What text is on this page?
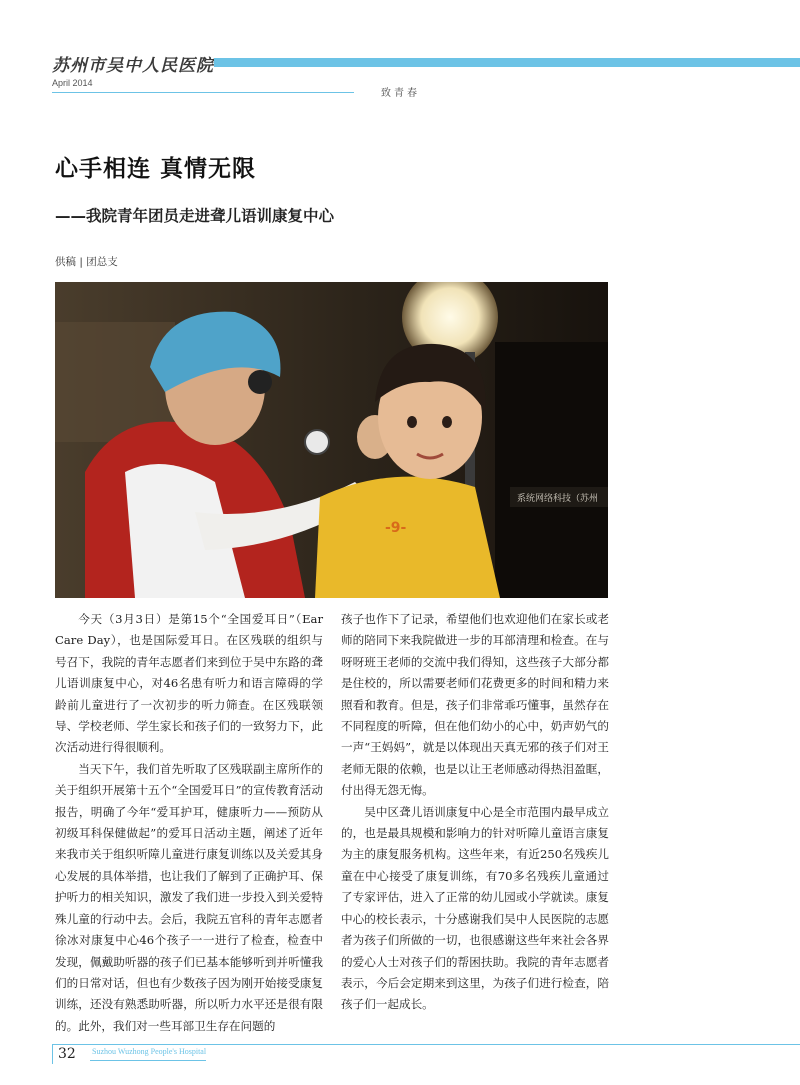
苏州市吴中人民医院
April 2014
致青春
心手相连 真情无限
——我院青年团员走进聋儿语训康复中心
供稿 | 团总支
系统网络科技（苏州
-9-

今天（3月3日）是第15个“全国爱耳日”（Ear Care Day），也是国际爱耳日。在区残联的组织与号召下，我院的青年志愿者们来到位于吴中东路的聋儿语训康复中心，对46名患有听力和语言障碍的学龄前儿童进行了一次初步的听力筛查。在区残联领导、学校老师、学生家长和孩子们的一致努力下，此次活动进行得很顺利。

当天下午，我们首先听取了区残联副主席所作的关于组织开展第十五个“全国爱耳日”的宣传教育活动报告，明确了今年“爱耳护耳，健康听力——预防从初级耳科保健做起”的爱耳日活动主题，阐述了近年来我市关于组织听障儿童进行康复训练以及关爱其身心发展的具体举措，也让我们了解到了正确护耳、保护听力的相关知识，激发了我们进一步投入到关爱特殊儿童的行动中去。会后，我院五官科的青年志愿者徐冰对康复中心46个孩子一一进行了检查，检查中发现，佩戴助听器的孩子们已基本能够听到并听懂我们的日常对话，但也有少数孩子因为刚开始接受康复训练，还没有熟悉助听器，所以听力水平还是很有限的。此外，我们对一些耳部卫生存在问题的

孩子也作下了记录，希望他们也欢迎他们在家长或老师的陪同下来我院做进一步的耳部清理和检查。在与呀呀班王老师的交流中我们得知，这些孩子大部分都是住校的，所以需要老师们花费更多的时间和精力来照看和教育。但是，孩子们非常乖巧懂事，虽然存在不同程度的听障，但在他们幼小的心中，奶声奶气的一声“王妈妈”，就是以体现出天真无邪的孩子们对王老师无限的依赖，也是以让王老师感动得热泪盈眶，付出得无怨无悔。

吴中区聋儿语训康复中心是全市范围内最早成立的，也是最具规模和影响力的针对听障儿童语言康复为主的康复服务机构。这些年来，有近250名残疾儿童在中心接受了康复训练，有70多名残疾儿童通过了专家评估，进入了正常的幼儿园或小学就读。康复中心的校长表示，十分感谢我们吴中人民医院的志愿者为孩子们所做的一切，也很感谢这些年来社会各界的爱心人士对孩子们的帮困扶助。我院的青年志愿者表示，今后会定期来到这里，为孩子们进行检查，陪孩子们一起成长。

32 Suzhou Wuzhong People's Hospital
